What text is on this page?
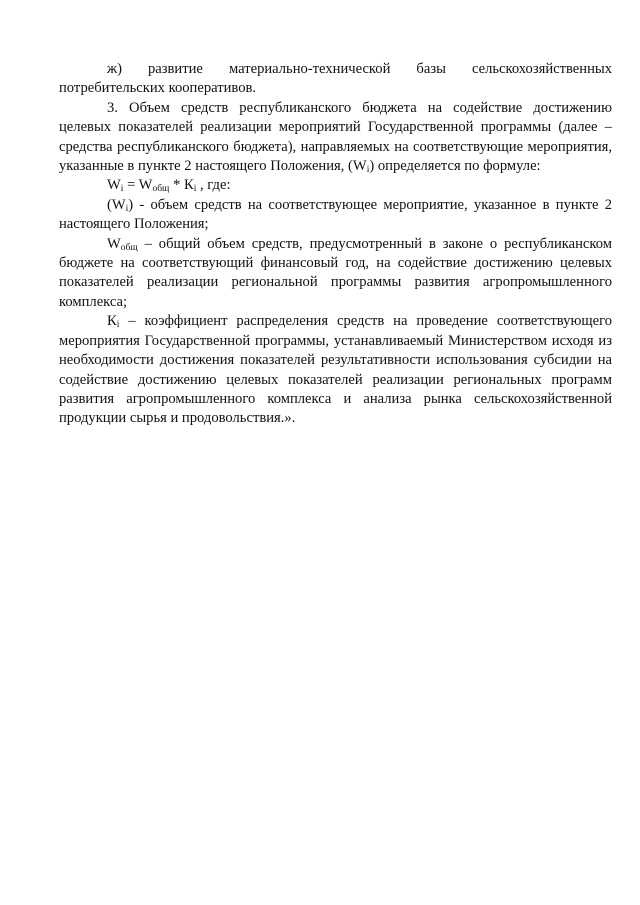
ж) развитие материально-технической базы сельскохозяйственных потребительских кооперативов.

3. Объем средств республиканского бюджета на содействие достижению целевых показателей реализации мероприятий Государственной программы (далее – средства республиканского бюджета), направляемых на соответствующие мероприятия, указанные в пункте 2 настоящего Положения, $(W_i)$ определяется по формуле:

$W_i = W_{общ} * К_i$ , где:

$(W_i)$ - объем средств на соответствующее мероприятие, указанное в пункте 2 настоящего Положения;

$W_{общ}$ – общий объем средств, предусмотренный в законе о республиканском бюджете на соответствующий финансовый год, на содействие достижению целевых показателей реализации региональной программы развития агропромышленного комплекса;

$К_i$ – коэффициент распределения средств на проведение соответствующего мероприятия Государственной программы, устанавливаемый Министерством исходя из необходимости достижения показателей результативности использования субсидии на содействие достижению целевых показателей реализации региональных программ развития агропромышленного комплекса и анализа рынка сельскохозяйственной продукции сырья и продовольствия.».
